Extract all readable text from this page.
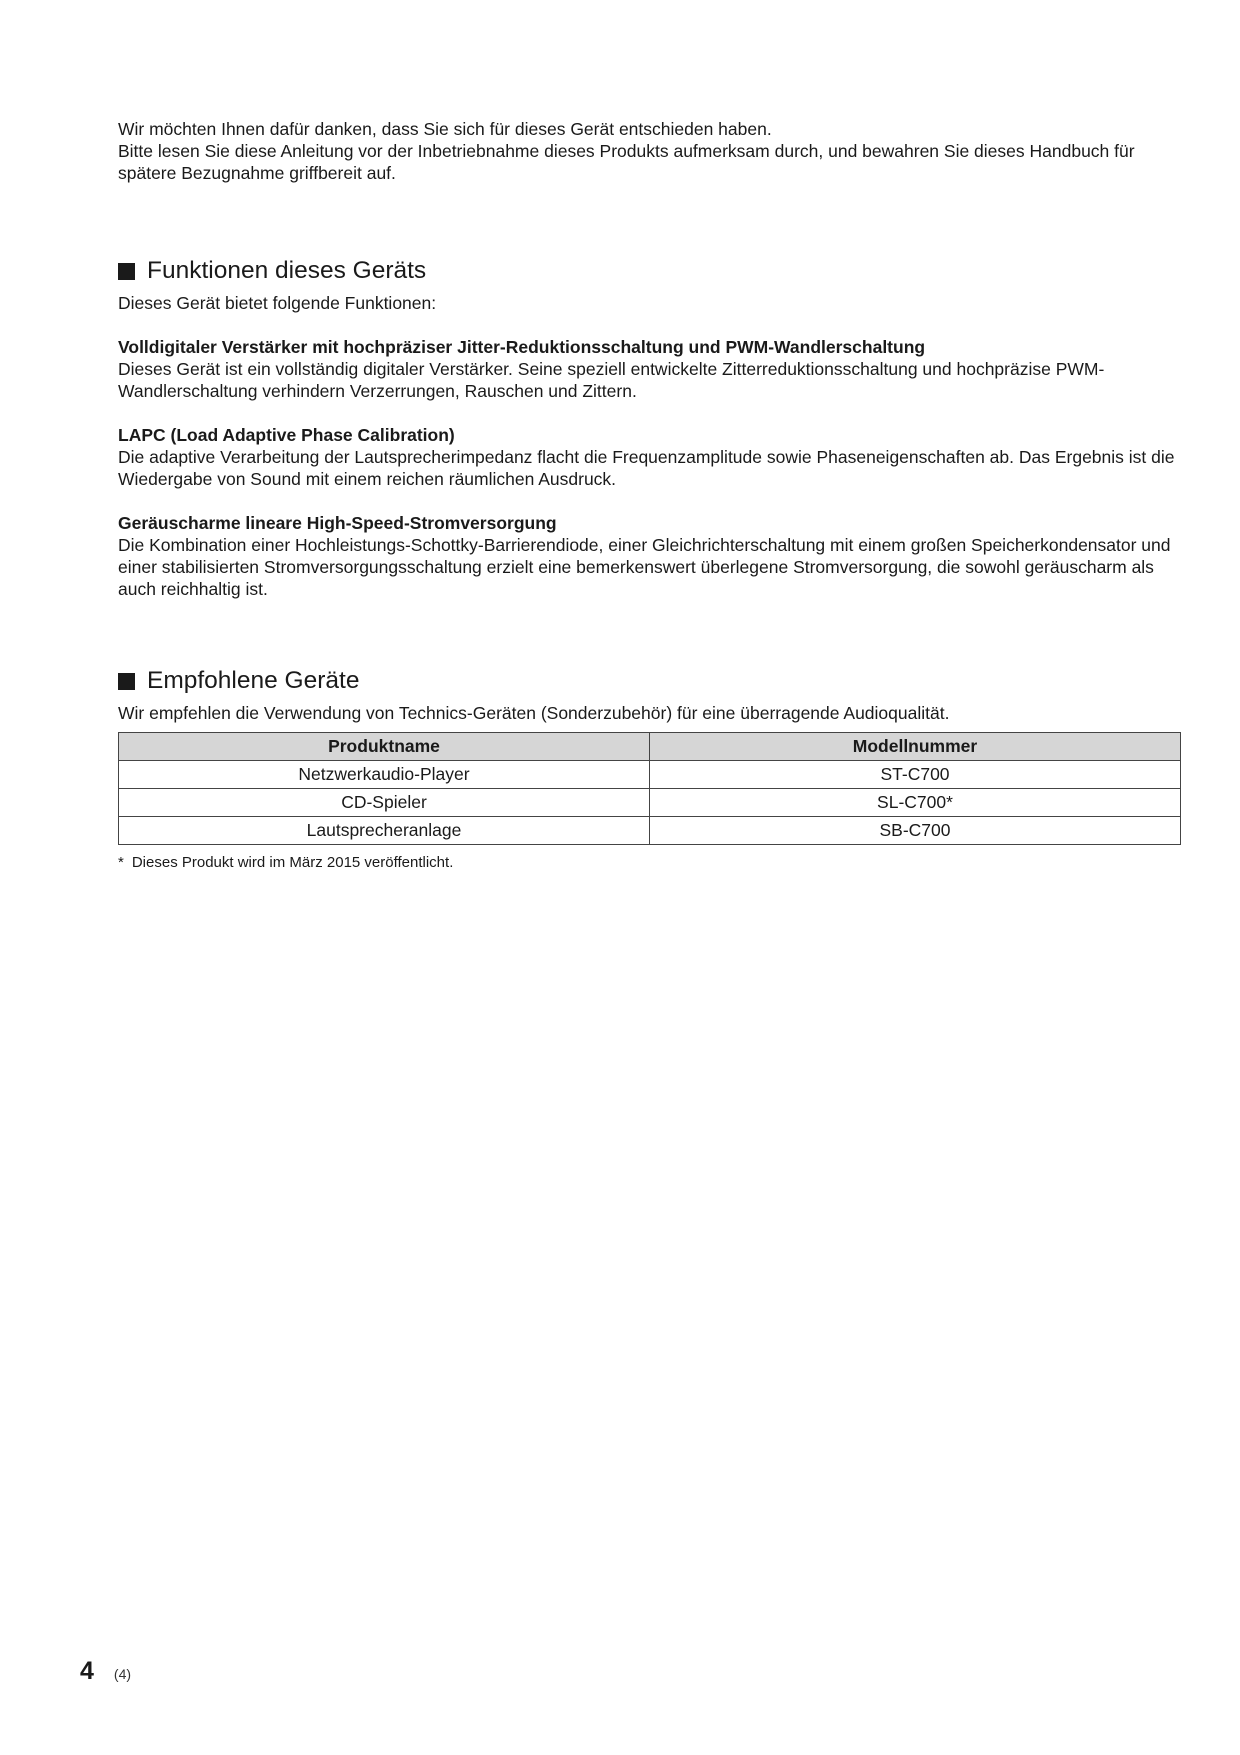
Wir möchten Ihnen dafür danken, dass Sie sich für dieses Gerät entschieden haben.

Bitte lesen Sie diese Anleitung vor der Inbetriebnahme dieses Produkts aufmerksam durch, und bewahren Sie dieses Handbuch für spätere Bezugnahme griffbereit auf.

Funktionen dieses Geräts

Dieses Gerät bietet folgende Funktionen:

Volldigitaler Verstärker mit hochpräziser Jitter-Reduktionsschaltung und PWM-Wandlerschaltung

Dieses Gerät ist ein vollständig digitaler Verstärker. Seine speziell entwickelte Zitterreduktionsschaltung und hochpräzise PWM-Wandlerschaltung verhindern Verzerrungen, Rauschen und Zittern.

LAPC (Load Adaptive Phase Calibration)

Die adaptive Verarbeitung der Lautsprecherimpedanz flacht die Frequenzamplitude sowie Phaseneigenschaften ab. Das Ergebnis ist die Wiedergabe von Sound mit einem reichen räumlichen Ausdruck.

Geräuscharme lineare High-Speed-Stromversorgung

Die Kombination einer Hochleistungs-Schottky-Barrierendiode, einer Gleichrichterschaltung mit einem großen Speicherkondensator und einer stabilisierten Stromversorgungsschaltung erzielt eine bemerkenswert überlegene Stromversorgung, die sowohl geräuscharm als auch reichhaltig ist.

Empfohlene Geräte

Wir empfehlen die Verwendung von Technics-Geräten (Sonderzubehör) für eine überragende Audioqualität.

Produktname	Modellnummer
Netzwerkaudio-Player	ST-C700
CD-Spieler	SL-C700*
Lautsprecheranlage	SB-C700

* Dieses Produkt wird im März 2015 veröffentlicht.

4 (4)
